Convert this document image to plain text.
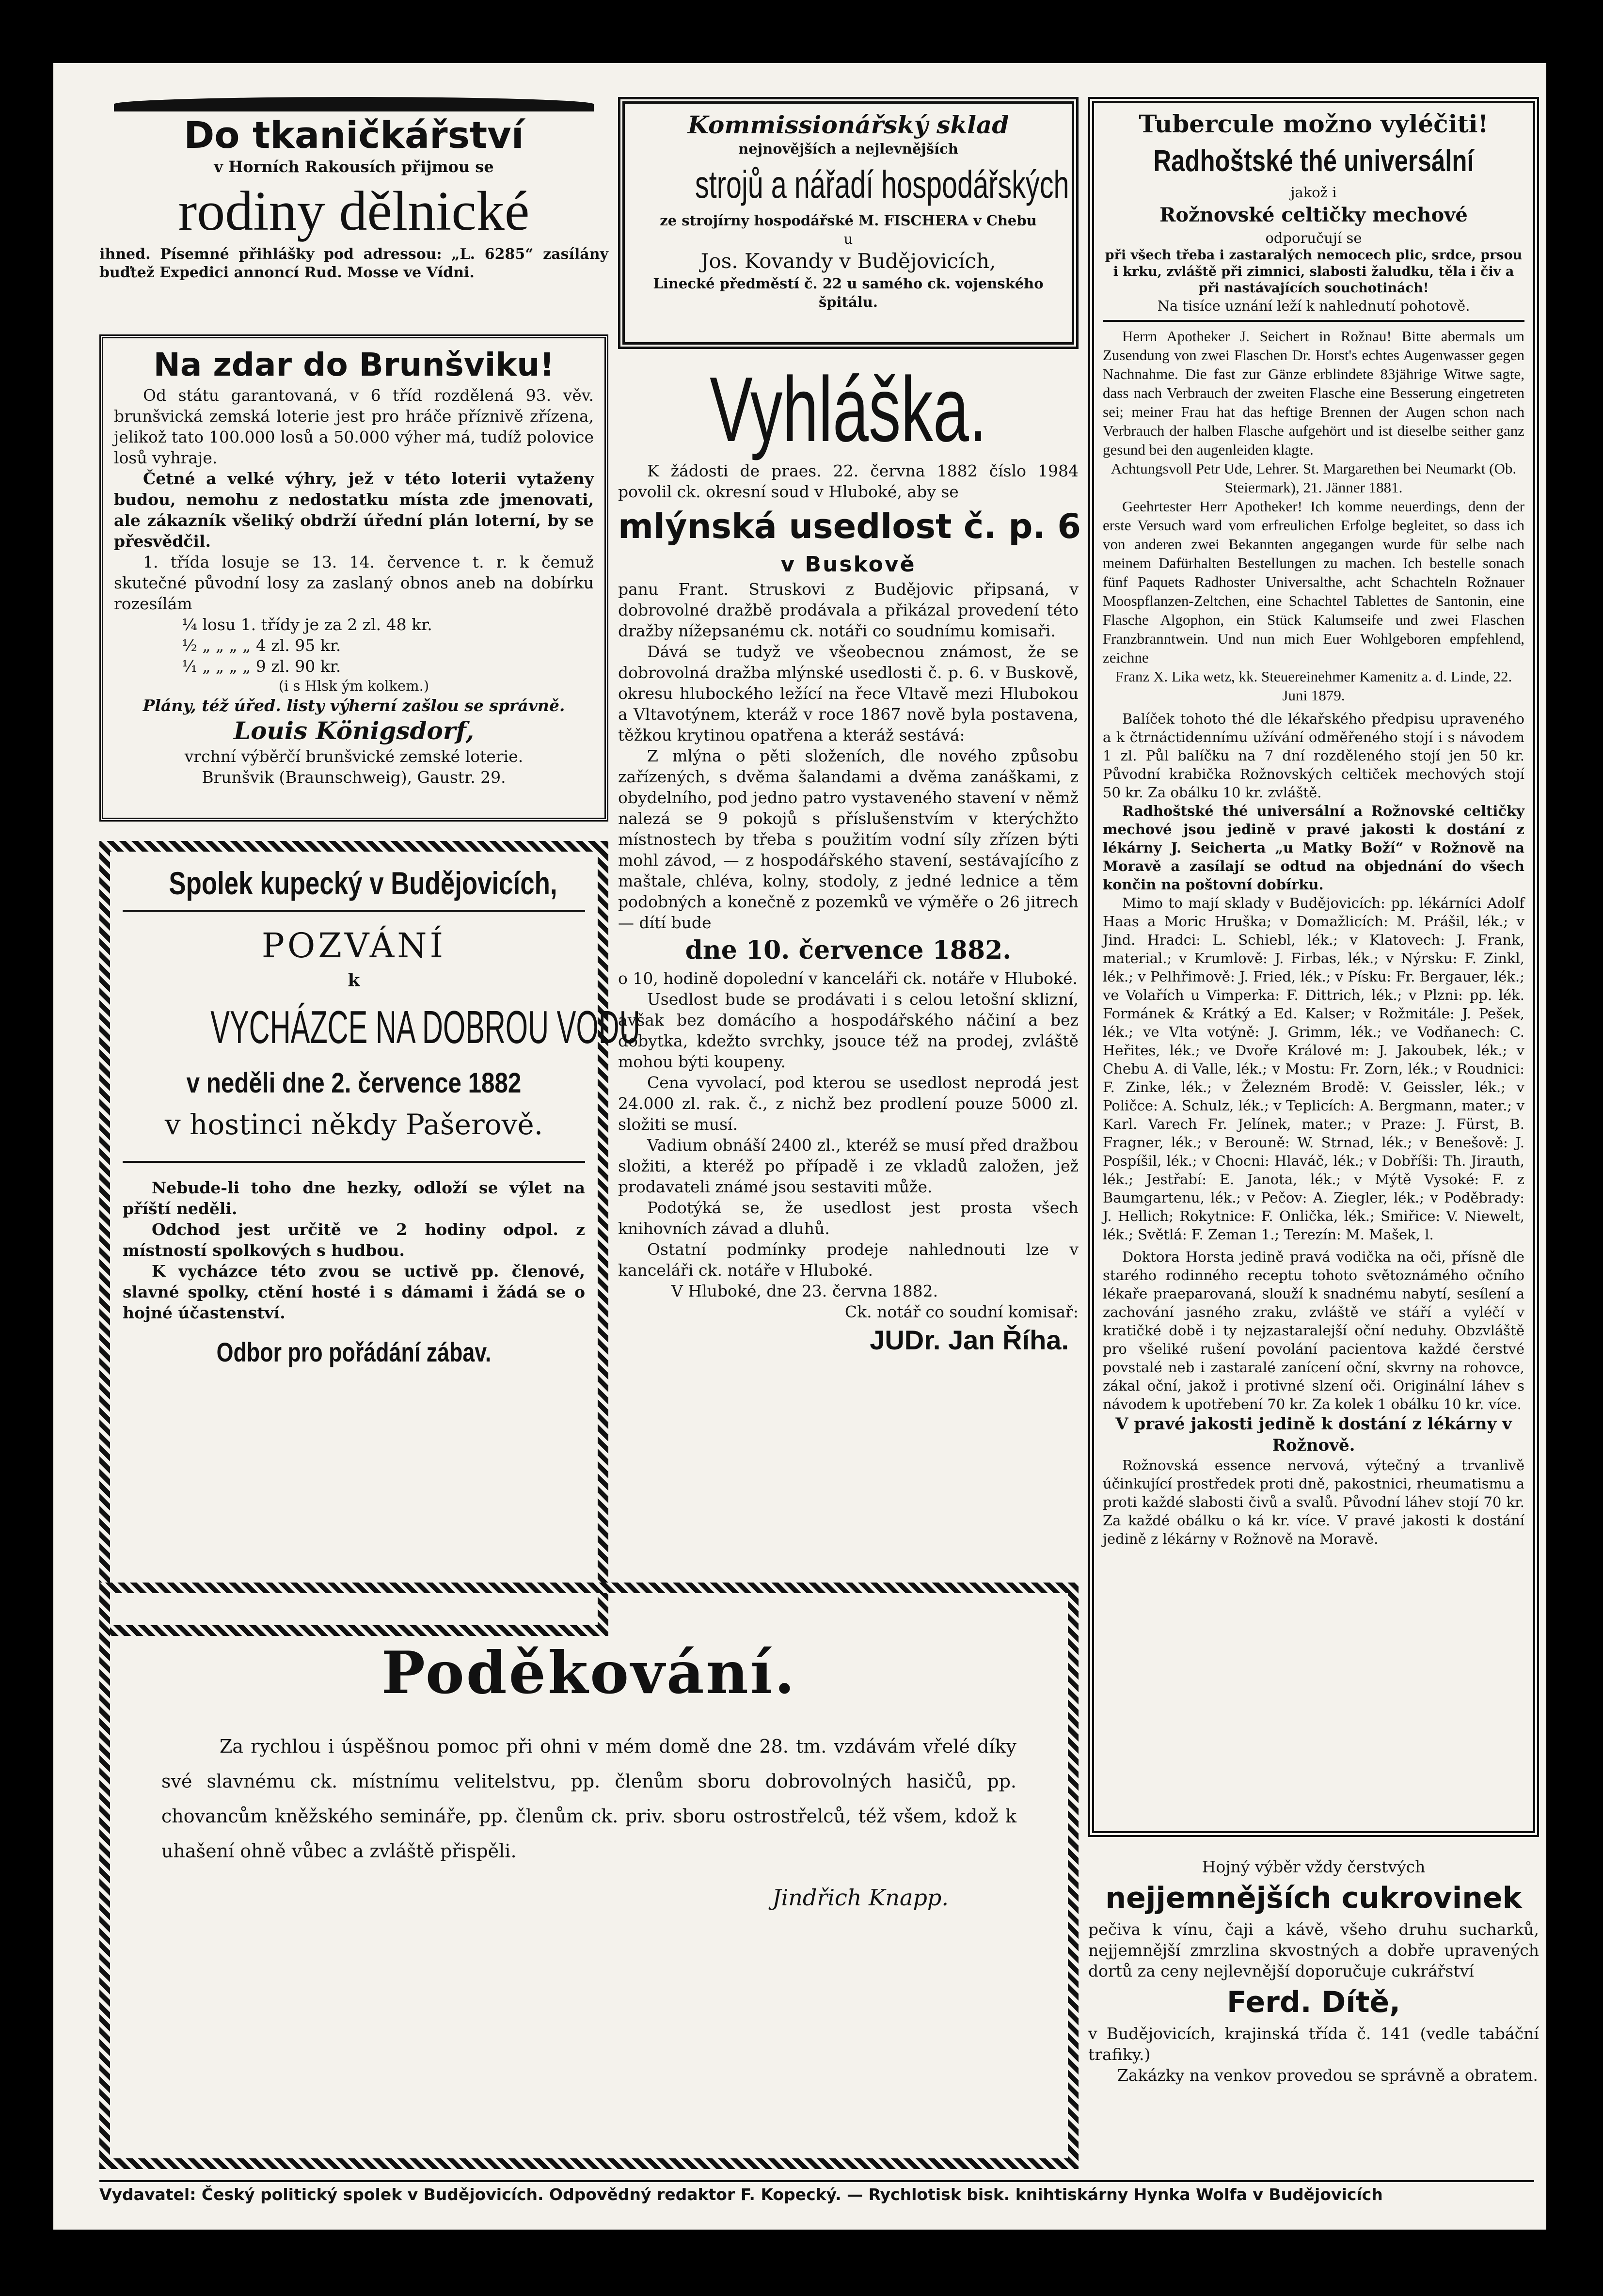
Do tkaničkářství

v Horních Rakousích přijmou se

rodiny dělnické

ihned. Písemné přihlášky pod adressou: „L. 6285“ zasílány buďtež Expedici annoncí Rud. Mosse ve Vídni.

Na zdar do Brunšviku!

Od státu garantovaná, v 6 tříd rozdělená 93. věv. brunšvická zemská loterie jest pro hráče příznivě zřízena, jelikož tato 100.000 losů a 50.000 výher má, tudíž polovice losů vyhraje.

Četné a velké výhry, jež v této loterii vytaženy budou, nemohu z nedostatku místa zde jmenovati, ale zákazník všeliký obdrží úřední plán loterní, by se přesvědčil.

1. třída losuje se 13. 14. července t. r. k čemuž skutečné původní losy za zaslaný obnos aneb na dobírku rozesílám

¼ losu 1. třídy je za 2 zl. 48 kr.

½ „ „ „ „ 4 zl. 95 kr.

⅟₁ „ „ „ „ 9 zl. 90 kr.

(i s Hlsk ým kolkem.)

Plány, též úřed. listy výherní zašlou se správně.

Louis Königsdorf,

vrchní výběrčí brunšvické zemské loterie.

Brunšvik (Braunschweig), Gaustr. 29.

Spolek kupecký v Budějovicích,

POZVÁNÍ

k

VYCHÁZCE NA DOBROU VODU

v neděli dne 2. července 1882

v hostinci někdy Pašerově.

Nebude-li toho dne hezky, odloží se výlet na příští neděli.

Odchod jest určitě ve 2 hodiny odpol. z místností spolkových s hudbou.

K vycházce této zvou se uctivě pp. členové, slavné spolky, ctění hosté i s dámami i žádá se o hojné účastenství.

Odbor pro pořádání zábav.

Kommissionářský sklad

nejnovějších a nejlevnějších

strojů a nářadí hospodářských

ze strojírny hospodářské M. FISCHERA v Chebu

u

Jos. Kovandy v Budějovicích,

Linecké předměstí č. 22 u samého ck. vojenského špitálu.

Vyhláška.

K žádosti de praes. 22. června 1882 číslo 1984 povolil ck. okresní soud v Hluboké, aby se

mlýnská usedlost č. p. 6

v Buskově

panu Frant. Struskovi z Budějovic připsaná, v dobrovolné dražbě prodávala a přikázal provedení této dražby nížepsanému ck. notáři co soudnímu komisaři.

Dává se tudyž ve všeobecnou známost, že se dobrovolná dražba mlýnské usedlosti č. p. 6. v Buskově, okresu hlubockého ležící na řece Vltavě mezi Hlubokou a Vltavotýnem, kteráž v roce 1867 nově byla postavena, těžkou krytinou opatřena a kteráž sestává:

Z mlýna o pěti složeních, dle nového způsobu zařízených, s dvěma šalandami a dvěma zanáškami, z obydelního, pod jedno patro vystaveného stavení v němž nalezá se 9 pokojů s příslušenstvím v kterýchžto místnostech by třeba s použitím vodní síly zřízen býti mohl závod, — z hospodářského stavení, sestávajícího z maštale, chléva, kolny, stodoly, z jedné lednice a těm podobných a konečně z pozemků ve výměře o 26 jitrech — dítí bude

dne 10. července 1882.

o 10, hodině dopolední v kanceláři ck. notáře v Hluboké.

Usedlost bude se prodávati i s celou letošní sklizní, avšak bez domácího a hospodářského náčiní a bez dobytka, kdežto svrchky, jsouce též na prodej, zvláště mohou býti koupeny.

Cena vyvolací, pod kterou se usedlost neprodá jest 24.000 zl. rak. č., z nichž bez prodlení pouze 5000 zl. složiti se musí.

Vadium obnáší 2400 zl., kteréž se musí před dražbou složiti, a kteréž po případě i ze vkladů založen, jež prodavateli známé jsou sestaviti může.

Podotýká se, že usedlost jest prosta všech knihovních závad a dluhů.

Ostatní podmínky prodeje nahlednouti lze v kanceláři ck. notáře v Hluboké.

V Hluboké, dne 23. června 1882.

Ck. notář co soudní komisař:

JUDr. Jan Říha.

Poděkování.

Za rychlou i úspěšnou pomoc při ohni v mém domě dne 28. tm. vzdávám vřelé díky své slavnému ck. místnímu velitelstvu, pp. členům sboru dobrovolných hasičů, pp. chovancům kněžského semináře, pp. členům ck. priv. sboru ostrostřelců, též všem, kdož k uhašení ohně vůbec a zvláště přispěli.

Jindřich Knapp.

Tubercule možno vyléčiti!

Radhoštské thé universální

jakož i

Rožnovské celtičky mechové

odporučují se

při všech třeba i zastaralých nemocech plic, srdce, prsou i krku, zvláště při zimnici, slabosti žaludku, těla i čiv a při nastávajících souchotinách!

Na tisíce uznání leží k nahlednutí pohotově.

Herrn Apotheker J. Seichert in Rožnau! Bitte abermals um Zusendung von zwei Flaschen Dr. Horst's echtes Augenwasser gegen Nachnahme. Die fast zur Gänze erblindete 83jährige Witwe sagte, dass nach Verbrauch der zweiten Flasche eine Besserung eingetreten sei; meiner Frau hat das heftige Brennen der Augen schon nach Verbrauch der halben Flasche aufgehört und ist dieselbe seither ganz gesund bei den augenleiden klagte.

Achtungsvoll Petr Ude, Lehrer. St. Margarethen bei Neumarkt (Ob. Steiermark), 21. Jänner 1881.

Geehrtester Herr Apotheker! Ich komme neuerdings, denn der erste Versuch ward vom erfreulichen Erfolge begleitet, so dass ich von anderen zwei Bekannten angegangen wurde für selbe nach meinem Dafürhalten Bestellungen zu machen. Ich bestelle sonach fünf Paquets Radhoster Universalthe, acht Schachteln Rožnauer Moospflanzen-Zeltchen, eine Schachtel Tablettes de Santonin, eine Flasche Algophon, ein Stück Kalumseife und zwei Flaschen Franzbranntwein. Und nun mich Euer Wohlgeboren empfehlend, zeichne

Franz X. Lika wetz, kk. Steuereinehmer Kamenitz a. d. Linde, 22. Juni 1879.

Balíček tohoto thé dle lékařského předpisu upraveného a k čtrnáctidennímu užívání odměřeného stojí i s návodem 1 zl. Půl balíčku na 7 dní rozděleného stojí jen 50 kr. Původní krabička Rožnovských celtiček mechových stojí 50 kr. Za obálku 10 kr. zvláště.

Radhoštské thé universální a Rožnovské celtičky mechové jsou jedině v pravé jakosti k dostání z lékárny J. Seicherta „u Matky Boží“ v Rožnově na Moravě a zasílají se odtud na objednání do všech končin na poštovní dobírku.

Mimo to mají sklady v Budějovicích: pp. lékárníci Adolf Haas a Moric Hruška; v Domažlicích: M. Prášil, lék.; v Jind. Hradci: L. Schiebl, lék.; v Klatovech: J. Frank, material.; v Krumlově: J. Firbas, lék.; v Nýrsku: F. Zinkl, lék.; v Pelhřimově: J. Fried, lék.; v Písku: Fr. Bergauer, lék.; ve Volařích u Vimperka: F. Dittrich, lék.; v Plzni: pp. lék. Formánek & Krátký a Ed. Kalser; v Rožmitále: J. Pešek, lék.; ve Vlta votýně: J. Grimm, lék.; ve Vodňanech: C. Heřites, lék.; ve Dvoře Králové m: J. Jakoubek, lék.; v Chebu A. di Valle, lék.; v Mostu: Fr. Zorn, lék.; v Roudnici: F. Zinke, lék.; v Železném Brodě: V. Geissler, lék.; v Poličce: A. Schulz, lék.; v Teplicích: A. Bergmann, mater.; v Karl. Varech Fr. Jelínek, mater.; v Praze: J. Fürst, B. Fragner, lék.; v Berouně: W. Strnad, lék.; v Benešově: J. Pospíšil, lék.; v Chocni: Hlaváč, lék.; v Dobříši: Th. Jirauth, lék.; Jestřabí: E. Janota, lék.; v Mýtě Vysoké: F. z Baumgartenu, lék.; v Pečov: A. Ziegler, lék.; v Poděbrady: J. Hellich; Rokytnice: F. Onlička, lék.; Smiřice: V. Niewelt, lék.; Světlá: F. Zeman 1.; Terezín: M. Mašek, l.

Doktora Horsta jedině pravá vodička na oči, přísně dle starého rodinného receptu tohoto světoznámého očního lékaře praeparovaná, slouží k snadnému nabytí, sesílení a zachování jasného zraku, zvláště ve stáří a vyléčí v kratičké době i ty nejzastaralejší oční neduhy. Obzvláště pro všeliké rušení povolání pacientova každé čerstvé povstalé neb i zastaralé zanícení oční, skvrny na rohovce, zákal oční, jakož i protivné slzení oči. Originální láhev s návodem k upotřebení 70 kr. Za kolek 1 obálku 10 kr. více.

V pravé jakosti jedině k dostání z lékárny v Rožnově.

Rožnovská essence nervová, výtečný a trvanlivě účinkující prostředek proti dně, pakostnici, rheumatismu a proti každé slabosti čivů a svalů. Původní láhev stojí 70 kr. Za každé obálku o ká kr. více. V pravé jakosti k dostání jedině z lékárny v Rožnově na Moravě.

Hojný výběr vždy čerstvých

nejjemnějších cukrovinek

pečiva k vínu, čaji a kávě, všeho druhu sucharků, nejjemnější zmrzlina skvostných a dobře upravených dortů za ceny nejlevnější doporučuje cukrářství

Ferd. Dítě,

v Budějovicích, krajinská třída č. 141 (vedle tabáční trafiky.)

Zakázky na venkov provedou se správně a obratem.

Vydavatel: Český politický spolek v Budějovicích. Odpovědný redaktor F. Kopecký. — Rychlotisk bisk. knihtiskárny Hynka Wolfa v Budějovicích
